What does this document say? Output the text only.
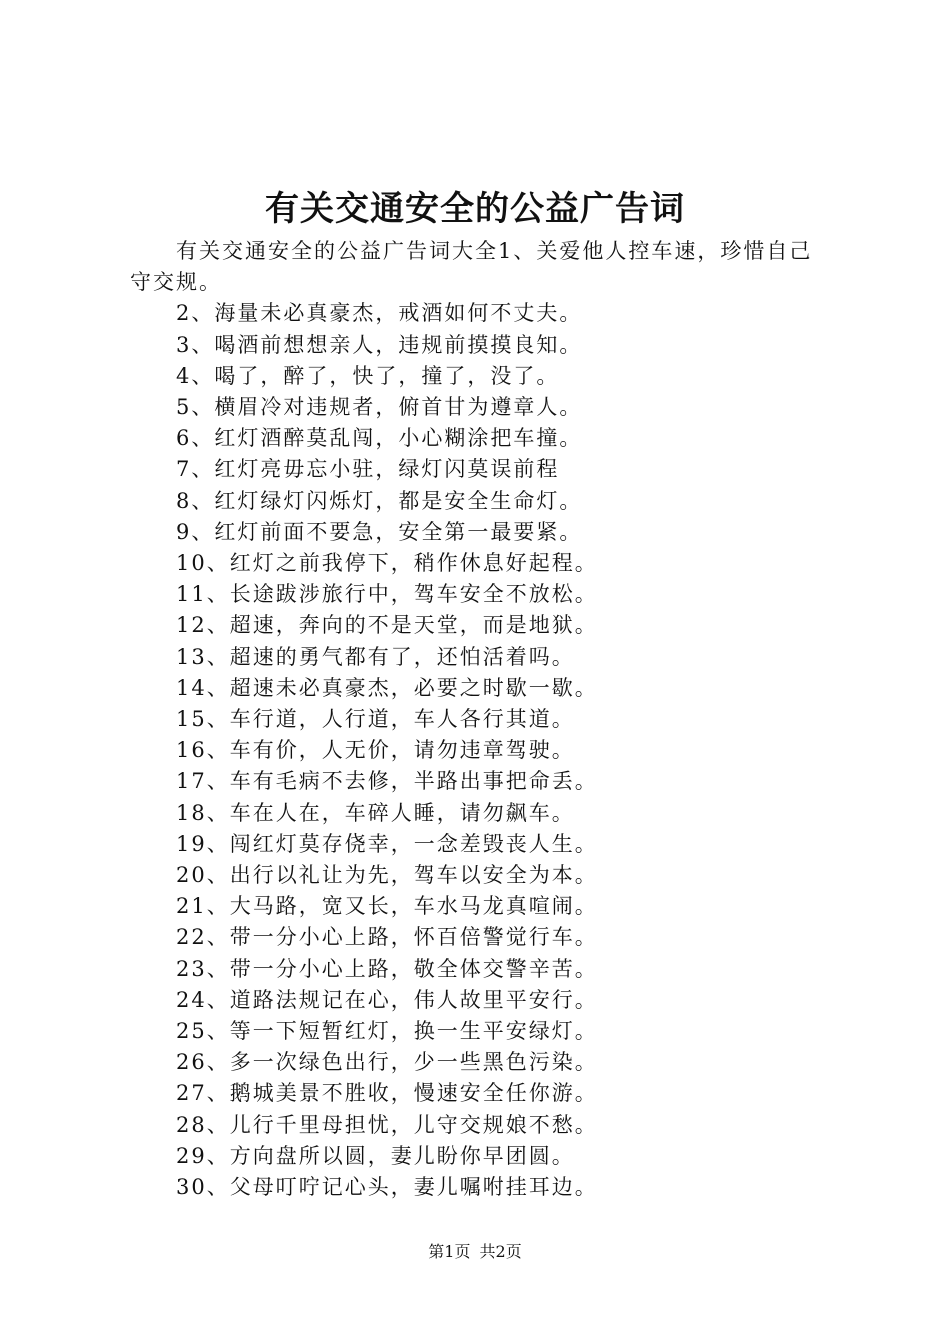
有关交通安全的公益广告词

有关交通安全的公益广告词大全1、关爱他人控车速，珍惜自己守交规。

2、海量未必真豪杰，戒酒如何不丈夫。

3、喝酒前想想亲人，违规前摸摸良知。

4、喝了，醉了，快了，撞了，没了。

5、横眉冷对违规者，俯首甘为遵章人。

6、红灯酒醉莫乱闯，小心糊涂把车撞。

7、红灯亮毋忘小驻，绿灯闪莫误前程

8、红灯绿灯闪烁灯，都是安全生命灯。

9、红灯前面不要急，安全第一最要紧。

10、红灯之前我停下，稍作休息好起程。

11、长途跋涉旅行中，驾车安全不放松。

12、超速，奔向的不是天堂，而是地狱。

13、超速的勇气都有了，还怕活着吗。

14、超速未必真豪杰，必要之时歇一歇。

15、车行道，人行道，车人各行其道。

16、车有价，人无价，请勿违章驾驶。

17、车有毛病不去修，半路出事把命丢。

18、车在人在，车碎人睡，请勿飙车。

19、闯红灯莫存侥幸，一念差毁丧人生。

20、出行以礼让为先，驾车以安全为本。

21、大马路，宽又长，车水马龙真喧闹。

22、带一分小心上路，怀百倍警觉行车。

23、带一分小心上路，敬全体交警辛苦。

24、道路法规记在心，伟人故里平安行。

25、等一下短暂红灯，换一生平安绿灯。

26、多一次绿色出行，少一些黑色污染。

27、鹅城美景不胜收，慢速安全任你游。

28、儿行千里母担忧，儿守交规娘不愁。

29、方向盘所以圆，妻儿盼你早团圆。

30、父母叮咛记心头，妻儿嘱咐挂耳边。

第1页 共2页
